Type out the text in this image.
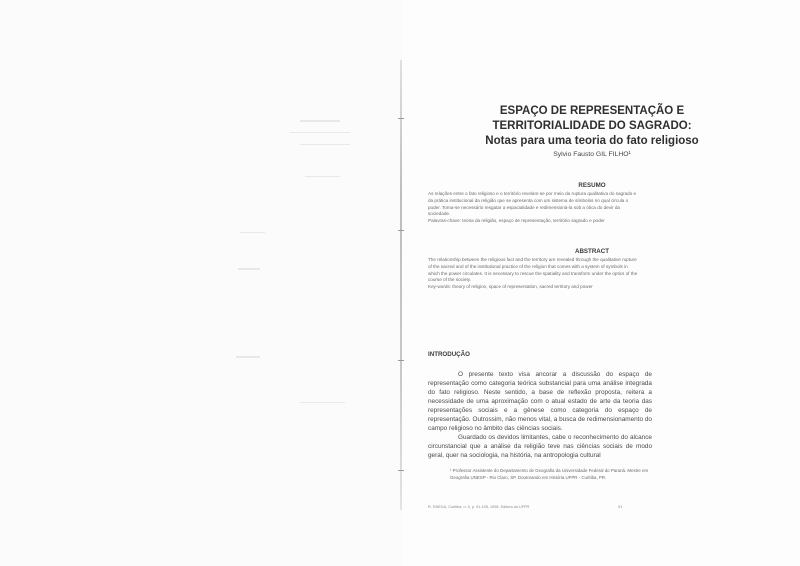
ESPAÇO DE REPRESENTAÇÃO E
TERRITORIALIDADE DO SAGRADO:
Notas para uma teoria do fato religioso
Sylvio Fausto GIL FILHO¹
RESUMO

As relações entre o fato religioso e o território revelam-se por meio da ruptura qualitativa do sagrado e da prática institucional da religião que se apresenta com um sistema de símbolos no qual circula o poder. Torna-se necessário resgatar a espacialidade e redimensioná-la sob a ótica do devir da sociedade.

Palavras-chave: teoria da religião, espaço de representação, território sagrado e poder

ABSTRACT

The relationship between the religious fact and the territory are revealed through the qualitative rupture of the sacred and of the institutional practice of the religion that comes with a system of symbols in which the power circulates. It is necessary to rescue the spatiality and transform under the optics of the course of the society.

Key-words: theory of religion, space of representation, sacred territory and power

INTRODUÇÃO

O presente texto visa ancorar a discussão do espaço de representação como categoria teórica substancial para uma análise integrada do fato religioso. Neste sentido, a base de reflexão proposta, reitera a necessidade de uma aproximação com o atual estado de arte da teoria das representações sociais e a gênese como categoria do espaço de representação. Outrossim, não menos vital, a busca de redimensionamento do campo religioso no âmbito das ciências sociais.

Guardado os devidos limitantes, cabe o reconhecimento do alcance circunstancial que a análise da religião teve nas ciências sociais de modo geral, quer na sociologia, na história, na antropologia cultural

¹ Professor Assistente do Departamento de Geografia da Universidade Federal do Paraná. Mestre em Geografia UNESP - Rio Claro, SP. Doutorando em História UFPR - Curitiba, PR.
R. RAEGA, Curitiba, n. 5, p. 91-105, 1998. Editora da UFPR	91
